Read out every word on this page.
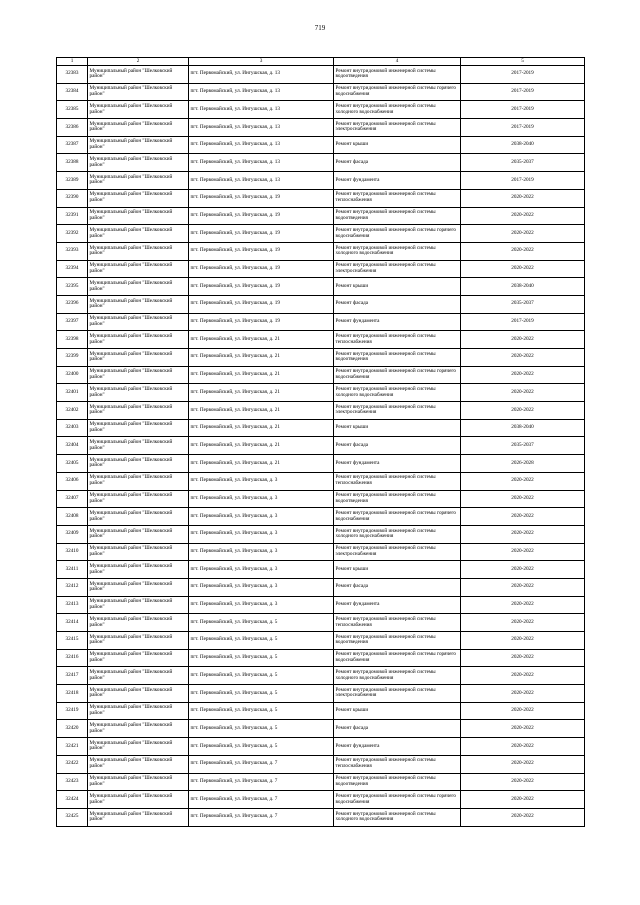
719
1	2	3	4	5
32383	Муниципальный район "Шелковский район"	пгт. Первомайский, ул. Ингушская, д. 13	Ремонт внутридомовой инженерной системы водоотведения	2017-2019
32384	Муниципальный район "Шелковский район"	пгт. Первомайский, ул. Ингушская, д. 13	Ремонт внутридомовой инженерной системы горячего водоснабжения	2017-2019
32385	Муниципальный район "Шелковский район"	пгт. Первомайский, ул. Ингушская, д. 13	Ремонт внутридомовой инженерной системы холодного водоснабжения	2017-2019
32386	Муниципальный район "Шелковский район"	пгт. Первомайский, ул. Ингушская, д. 13	Ремонт внутридомовой инженерной системы электроснабжения	2017-2019
32387	Муниципальный район "Шелковский район"	пгт. Первомайский, ул. Ингушская, д. 13	Ремонт крыши	2038-2040
32388	Муниципальный район "Шелковский район"	пгт. Первомайский, ул. Ингушская, д. 13	Ремонт фасада	2035-2037
32389	Муниципальный район "Шелковский район"	пгт. Первомайский, ул. Ингушская, д. 13	Ремонт фундамента	2017-2019
32390	Муниципальный район "Шелковский район"	пгт. Первомайский, ул. Ингушская, д. 19	Ремонт внутридомовой инженерной системы теплоснабжения	2020-2022
32391	Муниципальный район "Шелковский район"	пгт. Первомайский, ул. Ингушская, д. 19	Ремонт внутридомовой инженерной системы водоотведения	2020-2022
32392	Муниципальный район "Шелковский район"	пгт. Первомайский, ул. Ингушская, д. 19	Ремонт внутридомовой инженерной системы горячего водоснабжения	2020-2022
32393	Муниципальный район "Шелковский район"	пгт. Первомайский, ул. Ингушская, д. 19	Ремонт внутридомовой инженерной системы холодного водоснабжения	2020-2022
32394	Муниципальный район "Шелковский район"	пгт. Первомайский, ул. Ингушская, д. 19	Ремонт внутридомовой инженерной системы электроснабжения	2020-2022
32395	Муниципальный район "Шелковский район"	пгт. Первомайский, ул. Ингушская, д. 19	Ремонт крыши	2038-2040
32396	Муниципальный район "Шелковский район"	пгт. Первомайский, ул. Ингушская, д. 19	Ремонт фасада	2035-2037
32397	Муниципальный район "Шелковский район"	пгт. Первомайский, ул. Ингушская, д. 19	Ремонт фундамента	2017-2019
32398	Муниципальный район "Шелковский район"	пгт. Первомайский, ул. Ингушская, д. 21	Ремонт внутридомовой инженерной системы теплоснабжения	2020-2022
32399	Муниципальный район "Шелковский район"	пгт. Первомайский, ул. Ингушская, д. 21	Ремонт внутридомовой инженерной системы водоотведения	2020-2022
32400	Муниципальный район "Шелковский район"	пгт. Первомайский, ул. Ингушская, д. 21	Ремонт внутридомовой инженерной системы горячего водоснабжения	2020-2022
32401	Муниципальный район "Шелковский район"	пгт. Первомайский, ул. Ингушская, д. 21	Ремонт внутридомовой инженерной системы холодного водоснабжения	2020-2022
32402	Муниципальный район "Шелковский район"	пгт. Первомайский, ул. Ингушская, д. 21	Ремонт внутридомовой инженерной системы электроснабжения	2020-2022
32403	Муниципальный район "Шелковский район"	пгт. Первомайский, ул. Ингушская, д. 21	Ремонт крыши	2038-2040
32404	Муниципальный район "Шелковский район"	пгт. Первомайский, ул. Ингушская, д. 21	Ремонт фасада	2035-2037
32405	Муниципальный район "Шелковский район"	пгт. Первомайский, ул. Ингушская, д. 21	Ремонт фундамента	2026-2028
32406	Муниципальный район "Шелковский район"	пгт. Первомайский, ул. Ингушская, д. 3	Ремонт внутридомовой инженерной системы теплоснабжения	2020-2022
32407	Муниципальный район "Шелковский район"	пгт. Первомайский, ул. Ингушская, д. 3	Ремонт внутридомовой инженерной системы водоотведения	2020-2022
32408	Муниципальный район "Шелковский район"	пгт. Первомайский, ул. Ингушская, д. 3	Ремонт внутридомовой инженерной системы горячего водоснабжения	2020-2022
32409	Муниципальный район "Шелковский район"	пгт. Первомайский, ул. Ингушская, д. 3	Ремонт внутридомовой инженерной системы холодного водоснабжения	2020-2022
32410	Муниципальный район "Шелковский район"	пгт. Первомайский, ул. Ингушская, д. 3	Ремонт внутридомовой инженерной системы электроснабжения	2020-2022
32411	Муниципальный район "Шелковский район"	пгт. Первомайский, ул. Ингушская, д. 3	Ремонт крыши	2020-2022
32412	Муниципальный район "Шелковский район"	пгт. Первомайский, ул. Ингушская, д. 3	Ремонт фасада	2020-2022
32413	Муниципальный район "Шелковский район"	пгт. Первомайский, ул. Ингушская, д. 3	Ремонт фундамента	2020-2022
32414	Муниципальный район "Шелковский район"	пгт. Первомайский, ул. Ингушская, д. 5	Ремонт внутридомовой инженерной системы теплоснабжения	2020-2022
32415	Муниципальный район "Шелковский район"	пгт. Первомайский, ул. Ингушская, д. 5	Ремонт внутридомовой инженерной системы водоотведения	2020-2022
32416	Муниципальный район "Шелковский район"	пгт. Первомайский, ул. Ингушская, д. 5	Ремонт внутридомовой инженерной системы горячего водоснабжения	2020-2022
32417	Муниципальный район "Шелковский район"	пгт. Первомайский, ул. Ингушская, д. 5	Ремонт внутридомовой инженерной системы холодного водоснабжения	2020-2022
32418	Муниципальный район "Шелковский район"	пгт. Первомайский, ул. Ингушская, д. 5	Ремонт внутридомовой инженерной системы электроснабжения	2020-2022
32419	Муниципальный район "Шелковский район"	пгт. Первомайский, ул. Ингушская, д. 5	Ремонт крыши	2020-2022
32420	Муниципальный район "Шелковский район"	пгт. Первомайский, ул. Ингушская, д. 5	Ремонт фасада	2020-2022
32421	Муниципальный район "Шелковский район"	пгт. Первомайский, ул. Ингушская, д. 5	Ремонт фундамента	2020-2022
32422	Муниципальный район "Шелковский район"	пгт. Первомайский, ул. Ингушская, д. 7	Ремонт внутридомовой инженерной системы теплоснабжения	2020-2022
32423	Муниципальный район "Шелковский район"	пгт. Первомайский, ул. Ингушская, д. 7	Ремонт внутридомовой инженерной системы водоотведения	2020-2022
32424	Муниципальный район "Шелковский район"	пгт. Первомайский, ул. Ингушская, д. 7	Ремонт внутридомовой инженерной системы горячего водоснабжения	2020-2022
32425	Муниципальный район "Шелковский район"	пгт. Первомайский, ул. Ингушская, д. 7	Ремонт внутридомовой инженерной системы холодного водоснабжения	2020-2022
